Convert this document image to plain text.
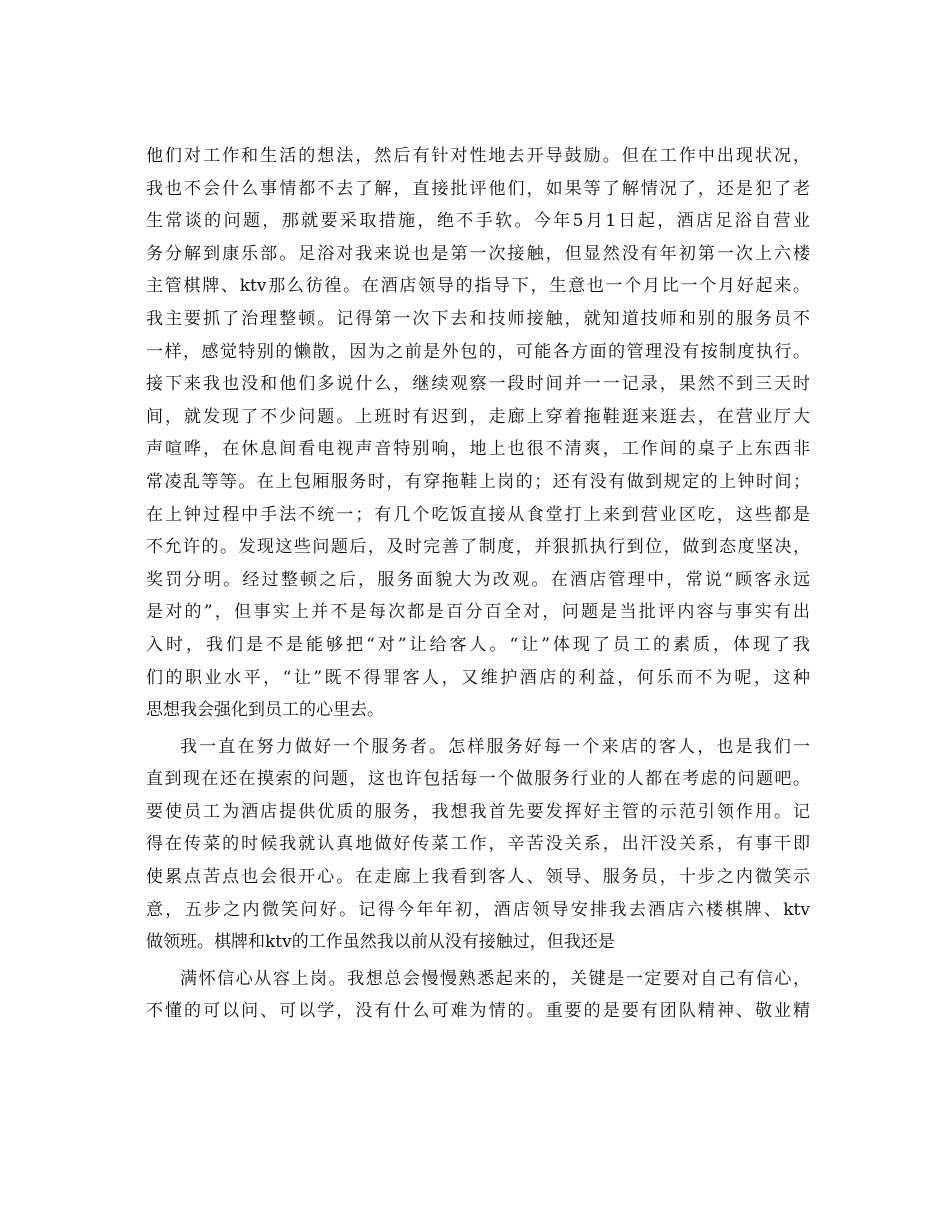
他们对工作和生活的想法，然后有针对性地去开导鼓励。但在工作中出现状况，
我也不会什么事情都不去了解，直接批评他们，如果等了解情况了，还是犯了老
生常谈的问题，那就要采取措施，绝不手软。今年5月1日起，酒店足浴自营业
务分解到康乐部。足浴对我来说也是第一次接触，但显然没有年初第一次上六楼
主管棋牌、ktv那么彷徨。在酒店领导的指导下，生意也一个月比一个月好起来。
我主要抓了治理整顿。记得第一次下去和技师接触，就知道技师和别的服务员不
一样，感觉特别的懒散，因为之前是外包的，可能各方面的管理没有按制度执行。
接下来我也没和他们多说什么，继续观察一段时间并一一记录，果然不到三天时
间，就发现了不少问题。上班时有迟到，走廊上穿着拖鞋逛来逛去，在营业厅大
声喧哗，在休息间看电视声音特别响，地上也很不清爽，工作间的桌子上东西非
常凌乱等等。在上包厢服务时，有穿拖鞋上岗的；还有没有做到规定的上钟时间；
在上钟过程中手法不统一；有几个吃饭直接从食堂打上来到营业区吃，这些都是
不允许的。发现这些问题后，及时完善了制度，并狠抓执行到位，做到态度坚决，
奖罚分明。经过整顿之后，服务面貌大为改观。在酒店管理中，常说“顾客永远
是对的”，但事实上并不是每次都是百分百全对，问题是当批评内容与事实有出
入时，我们是不是能够把“对”让给客人。“让”体现了员工的素质，体现了我
们的职业水平，“让”既不得罪客人，又维护酒店的利益，何乐而不为呢，这种
思想我会强化到员工的心里去。
我一直在努力做好一个服务者。怎样服务好每一个来店的客人，也是我们一
直到现在还在摸索的问题，这也许包括每一个做服务行业的人都在考虑的问题吧。
要使员工为酒店提供优质的服务，我想我首先要发挥好主管的示范引领作用。记
得在传菜的时候我就认真地做好传菜工作，辛苦没关系，出汗没关系，有事干即
使累点苦点也会很开心。在走廊上我看到客人、领导、服务员，十步之内微笑示
意，五步之内微笑问好。记得今年年初，酒店领导安排我去酒店六楼棋牌、ktv
做领班。棋牌和ktv的工作虽然我以前从没有接触过，但我还是
满怀信心从容上岗。我想总会慢慢熟悉起来的，关键是一定要对自己有信心，
不懂的可以问、可以学，没有什么可难为情的。重要的是要有团队精神、敬业精
